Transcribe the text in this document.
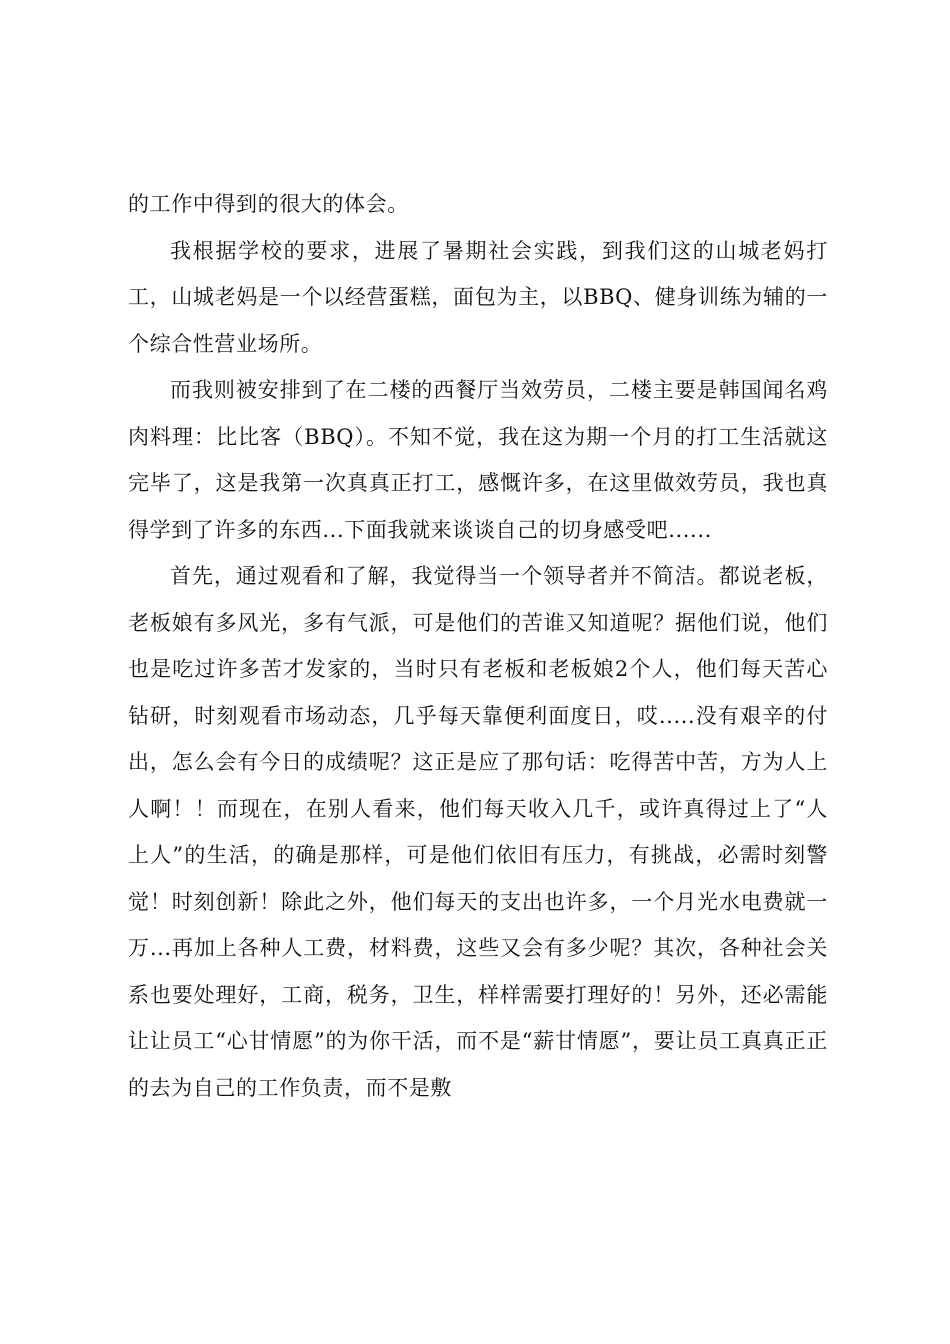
的工作中得到的很大的体会。

我根据学校的要求，进展了暑期社会实践，到我们这的山城老妈打工，山城老妈是一个以经营蛋糕，面包为主，以BBQ、健身训练为辅的一个综合性营业场所。

而我则被安排到了在二楼的西餐厅当效劳员，二楼主要是韩国闻名鸡肉料理：比比客（BBQ）。不知不觉，我在这为期一个月的打工生活就这完毕了，这是我第一次真真正打工，感慨许多，在这里做效劳员，我也真得学到了许多的东西...下面我就来谈谈自己的切身感受吧......

首先，通过观看和了解，我觉得当一个领导者并不简洁。都说老板，老板娘有多风光，多有气派，可是他们的苦谁又知道呢？据他们说，他们也是吃过许多苦才发家的，当时只有老板和老板娘2个人，他们每天苦心钻研，时刻观看市场动态，几乎每天靠便利面度日，哎.....没有艰辛的付出，怎么会有今日的成绩呢？这正是应了那句话：吃得苦中苦，方为人上人啊！！而现在，在别人看来，他们每天收入几千，或许真得过上了“人上人”的生活，的确是那样，可是他们依旧有压力，有挑战，必需时刻警觉！时刻创新！除此之外，他们每天的支出也许多，一个月光水电费就一万...再加上各种人工费，材料费，这些又会有多少呢？其次，各种社会关系也要处理好，工商，税务，卫生，样样需要打理好的！另外，还必需能让让员工“心甘情愿”的为你干活，而不是“薪甘情愿”，要让员工真真正正的去为自己的工作负责，而不是敷
